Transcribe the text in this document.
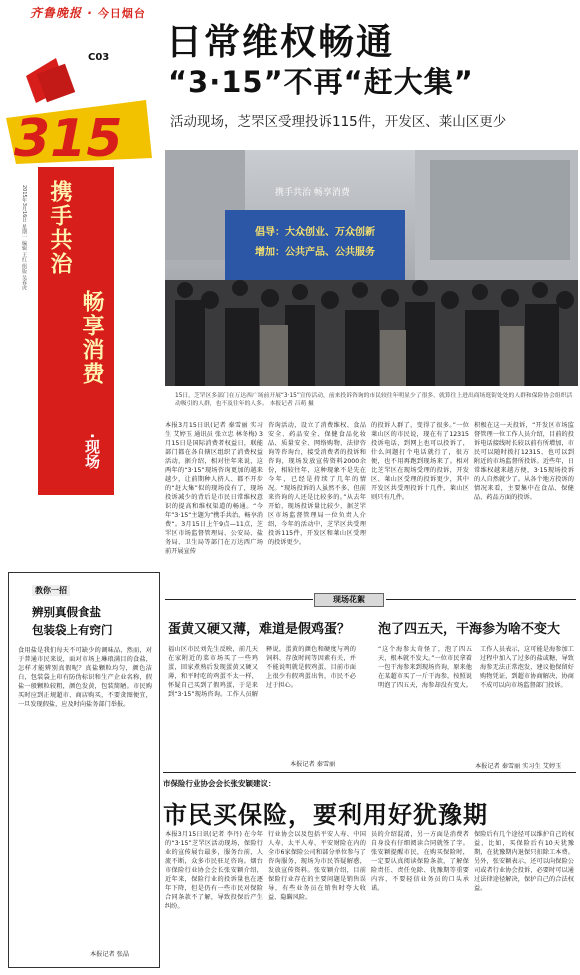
齐鲁晚报 · 今日烟台
315
C03
2015年3月16日 星期一 编辑 王红 组版 吴春虎 携手共治
畅享消费
·现场
日常维权畅通
“3·15”不再“赶大集”
活动现场，芝罘区受理投诉115件，开发区、莱山区更少
携手共治 畅享消费
倡导：大众创业、万众创新
增加：公共产品、公共服务
15日，芝罘区多部门在万达西广场前开展“3·15”宣传活动，前来投诉咨询的市民较往年明显少了很多，就算往上进出商场逛街处处的人群和保险协会组织活动吸引的人群，也不及往年的人多。 本报记者 吕萌 摄
本报3月15日讯(记者 秦雪丽 实习生 艾婷玉 通讯员 张立忠 林冬梅) 3月15日是国际消费者权益日，联能部门都在各自辖区组织了消费权益活动，据介绍，相对往年来说，这两年的“3·15”现场咨询更加的越来越少，让前期种人挤人、都不开步的“赶大集”似的现场没有了，现场投诉减少的背后是市民日常维权意识的提高和维权渠道的畅通。“今年”3·15“主题为”携手共治，畅享消费“。3月15日上午9点—11点，芝罘区市场监督管理局、公安局、盐务局、卫生局等部门在万达西广场前开展宣传
咨询活动，设立了消费维权、食品安全、药品安全、保健食品化妆品、质量安全、网络购物、法律咨询等咨询台，接受消费者的投诉和咨询，现场发放宣传资料2000余份，相较往年，这种现象不是先在今年，已经是持续了几年的情况。“现场投诉的人虽然不多，但前来咨询的人还是比较多的。”从去年开始，现场投诉量比较少，据芝罘区市场监督管理局一位负责人介绍，今年的活动中，芝罘区共受理投诉115件，开发区和莱山区受理的投诉更少。
的投诉人群了，变得了很多。”一位莱山区的市民说，现在有了12315投诉电话，到网上也可以投诉了，什么问题打个电话就行了，很方便，也不用再跑到现场来了。相对比芝罘区在现场受理的投诉，开发区、莱山区受理的投诉更少，其中开发区共受理投诉十几件，莱山区则只有几件。
积极在这一天投诉，“开发区市场监督管理一位工作人员介绍，目前的投诉电话接线时长较以前有所增加，市民可以随时拨打12315、也可以到附近的市场监督所投诉。近些年，日常维权越来越方便，3·15现场投诉的人自然就少了。从各个地方投诉的情况来看，主要集中在食品、保健品、药品方面的投诉。
现场花絮
教你一招
辨别真假食盐
包装袋上有窍门
食用盐是我们每天不可缺少的调味品，然而，对于普通市民来说，面对市场上琳琅满目的食盐，怎样才能辨别真假呢？真盐颗粒均匀，颜色洁白，包装袋上印有防伪标识和生产企业名称，假盐一般颗粒较粗，颜色发黄，包装简陋。市民购买时应到正规超市、商店购买，不要贪图便宜，一旦发现假盐，应及时向盐务部门举报。
本报记者 张晶
蛋黄又硬又薄，难道是假鸡蛋？
福山区市民刘先生反映，前几天在家附近的菜市场买了一些鸡蛋，回家煮熟后发现蛋黄又硬又薄，和平时吃的鸡蛋不太一样，怀疑自己买到了假鸡蛋，于是来到“3·15”现场咨询。工作人员解释说，蛋黄的颜色和硬度与鸡的饲料、存放时间等因素有关，并不能说明就是假鸡蛋，目前市面上很少有假鸡蛋出售，市民不必过于担心。
本报记者 秦雪丽
泡了四五天，干海参为啥不变大
“这个海参太奇怪了，泡了四五天，根本就不发大。”一位市民拿着一包干海参来到现场咨询，原来他在某超市买了一斤干海参，按照说明泡了四五天，海参却没有变大。工作人员表示，这可能是海参加工过程中加入了过多的盐或糖，导致海参无法正常泡发，建议他保留好购物凭证，到超市协商解决，协商不成可以向市场监督部门投诉。
本报记者 秦雪丽 实习生 艾婷玉
市保险行业协会会长张安颖建议：
市民买保险，要利用好犹豫期
本报3月15日讯(记者 李丹) 在今年的“3·15”芝罘区活动现场，保险行业的宣传展台最多，服务台前，人流不断，众多市民驻足咨询。烟台市保险行业协会会长张安颖介绍，近年来，保险行业的投诉量也在逐年下降，但是仍有一些市民对保险合同条款不了解，导致投保后产生纠纷。
行业协会以及包括平安人寿、中国人寿、太平人寿、平安财险在内的全市6家保险公司和部分单位参与了咨询服务，现场为市民答疑解惑，发放宣传资料。张安颖介绍，目前保险行业存在的主要问题是销售误导，有些业务员在销售时夸大收益、隐瞒风险。
员的介绍混淆，另一方面是消费者自身没有仔细阅读合同就签了字。张安颖提醒市民，在购买保险时，一定要认真阅读保险条款，了解保险责任、责任免除、犹豫期等重要内容，不要轻信业务员的口头承诺。
保险后有几个途径可以维护自己的权益，比如，买保险后有10天犹豫期，在犹豫期内退保只扣除工本费。另外，张安颖表示，还可以向保险公司或者行业协会投诉，必要时可以通过法律途径解决，保护自己的合法权益。
